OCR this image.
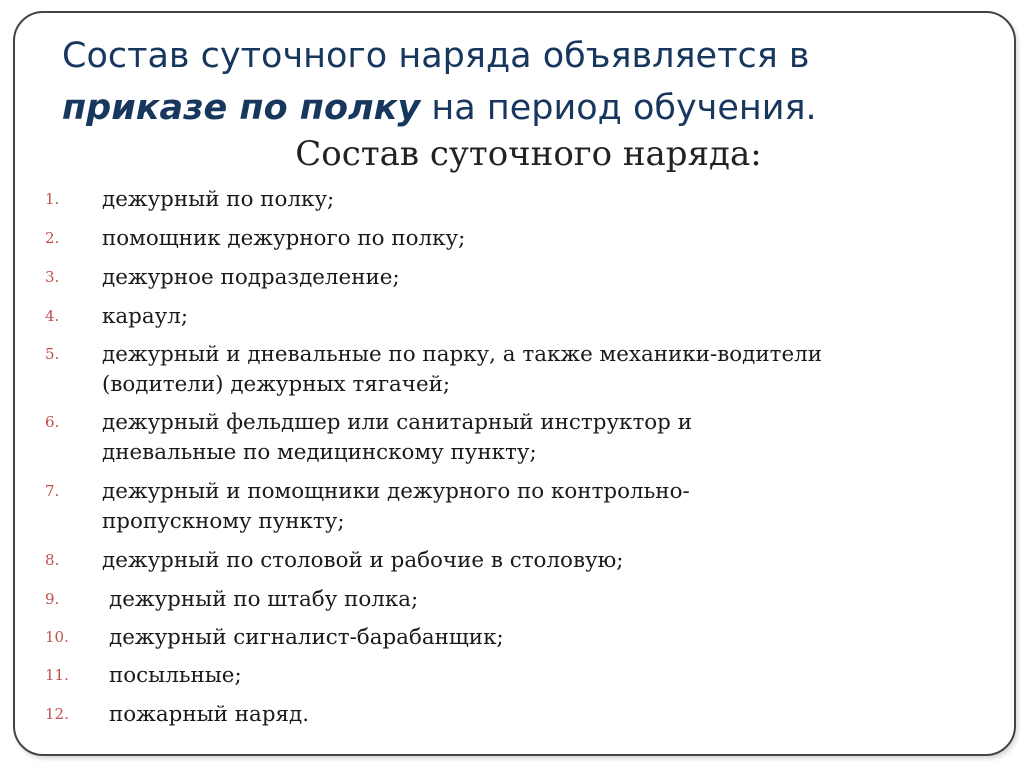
Состав суточного наряда объявляется в
приказе по полку на период обучения.
Состав суточного наряда:
1. дежурный по полку;
2. помощник дежурного по полку;
3. дежурное подразделение;
4. караул;
5. дежурный и дневальные по парку, а также механики-водители
(водители) дежурных тягачей;
6. дежурный фельдшер или санитарный инструктор и
дневальные по медицинскому пункту;
7. дежурный и помощники дежурного по контрольно-
пропускному пункту;
8. дежурный по столовой и рабочие в столовую;
9. дежурный по штабу полка;
10. дежурный сигналист-барабанщик;
11. посыльные;
12. пожарный наряд.
